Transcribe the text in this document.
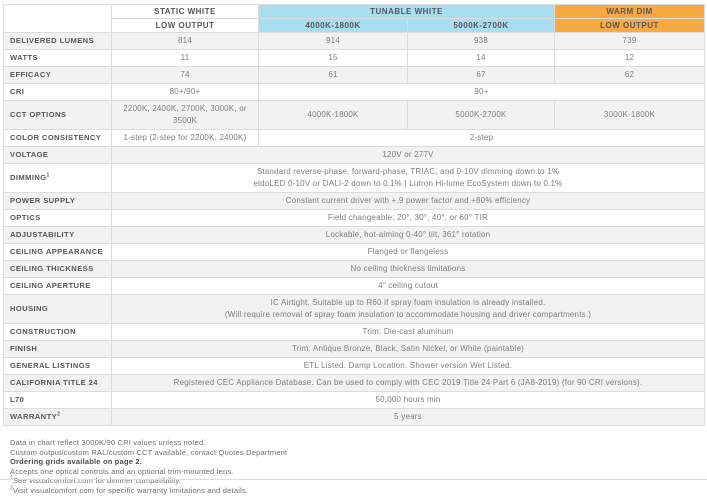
	STATIC WHITE	TUNABLE WHITE		WARM DIM
	LOW OUTPUT	4000K-1800K	5000K-2700K	LOW OUTPUT
DELIVERED LUMENS	814	914	938	739
WATTS	11	15	14	12
EFFICACY	74	61	67	62
CRI	80+/90+	90+		
CCT OPTIONS	2200K, 2400K, 2700K, 3000K, or 3500K	4000K-1800K	5000K-2700K	3000K-1800K
COLOR CONSISTENCY	1-step (2-step for 2200K, 2400K)	2-step		
VOLTAGE	120V or 277V			
DIMMING$^1$	Standard reverse-phase, forward-phase, TRIAC, and 0-10V dimming down to 1%
eldoLED 0-10V or DALI-2 down to 0.1% | Lutron Hi-lume EcoSystem down to 0.1%			
POWER SUPPLY	Constant current driver with +.9 power factor and +80% efficiency			
OPTICS	Field changeable: 20°, 30°, 40°, or 60° TIR			
ADJUSTABILITY	Lockable, hot-aiming 0-40° tilt, 361° rotation			
CEILING APPEARANCE	Flanged or flangeless			
CEILING THICKNESS	No ceiling thickness limitations			
CEILING APERTURE	4" ceiling cutout			
HOUSING	IC Airtight. Suitable up to R60 if spray foam insulation is already installed.
(Will require removal of spray foam insulation to accommodate housing and driver compartments.)			
CONSTRUCTION	Trim: Die-cast aluminum			
FINISH	Trim: Antique Bronze, Black, Satin Nickel, or White (paintable)			
GENERAL LISTINGS	ETL Listed. Damp Location. Shower version Wet Listed.			
CALIFORNIA TITLE 24	Registered CEC Appliance Database. Can be used to comply with CEC 2019 Title 24 Part 6 (JA8-2019) (for 90 CRI versions).			
L70	50,000 hours min			
WARRANTY$^2$	5 years			
Data in chart reflect 3000K/90 CRI values unless noted.
Custom output/custom RAL/custom CCT available, contact Quotes Department
Ordering grids available on page 2.
Accepts one optical controls and an optional trim-mounted lens.
$^1$See visualcomfort.com for dimmer compatibility.
$^2$Visit visualcomfort.com for specific warranty limitations and details.
